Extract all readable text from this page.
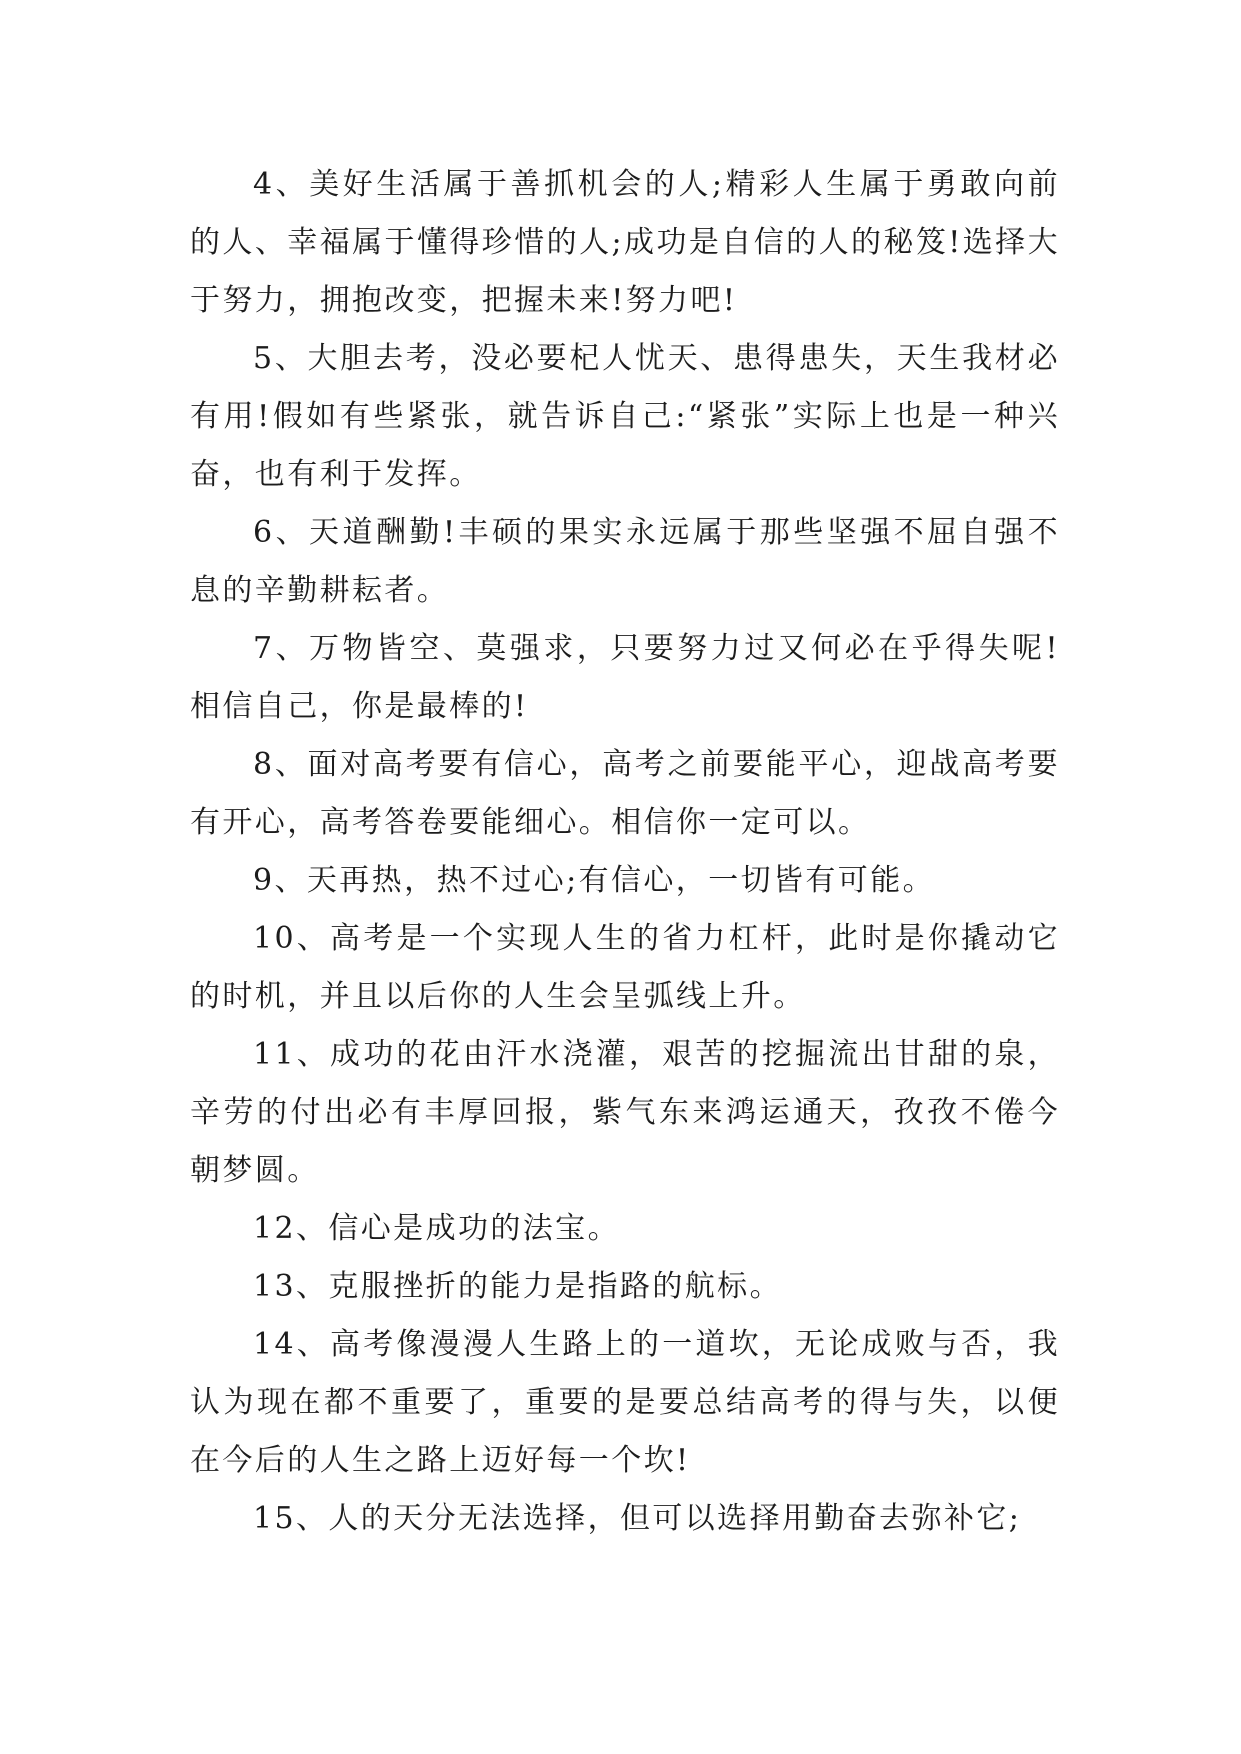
4、美好生活属于善抓机会的人;精彩人生属于勇敢向前的人、幸福属于懂得珍惜的人;成功是自信的人的秘笈!选择大于努力，拥抱改变，把握未来!努力吧!

5、大胆去考，没必要杞人忧天、患得患失，天生我材必有用!假如有些紧张，就告诉自己:“紧张”实际上也是一种兴奋，也有利于发挥。

6、天道酬勤!丰硕的果实永远属于那些坚强不屈自强不息的辛勤耕耘者。

7、万物皆空、莫强求，只要努力过又何必在乎得失呢!相信自己，你是最棒的!

8、面对高考要有信心，高考之前要能平心，迎战高考要有开心，高考答卷要能细心。相信你一定可以。

9、天再热，热不过心;有信心，一切皆有可能。

10、高考是一个实现人生的省力杠杆，此时是你撬动它的时机，并且以后你的人生会呈弧线上升。

11、成功的花由汗水浇灌，艰苦的挖掘流出甘甜的泉，辛劳的付出必有丰厚回报，紫气东来鸿运通天，孜孜不倦今朝梦圆。

12、信心是成功的法宝。

13、克服挫折的能力是指路的航标。

14、高考像漫漫人生路上的一道坎，无论成败与否，我认为现在都不重要了，重要的是要总结高考的得与失，以便在今后的人生之路上迈好每一个坎!

15、人的天分无法选择，但可以选择用勤奋去弥补它;
